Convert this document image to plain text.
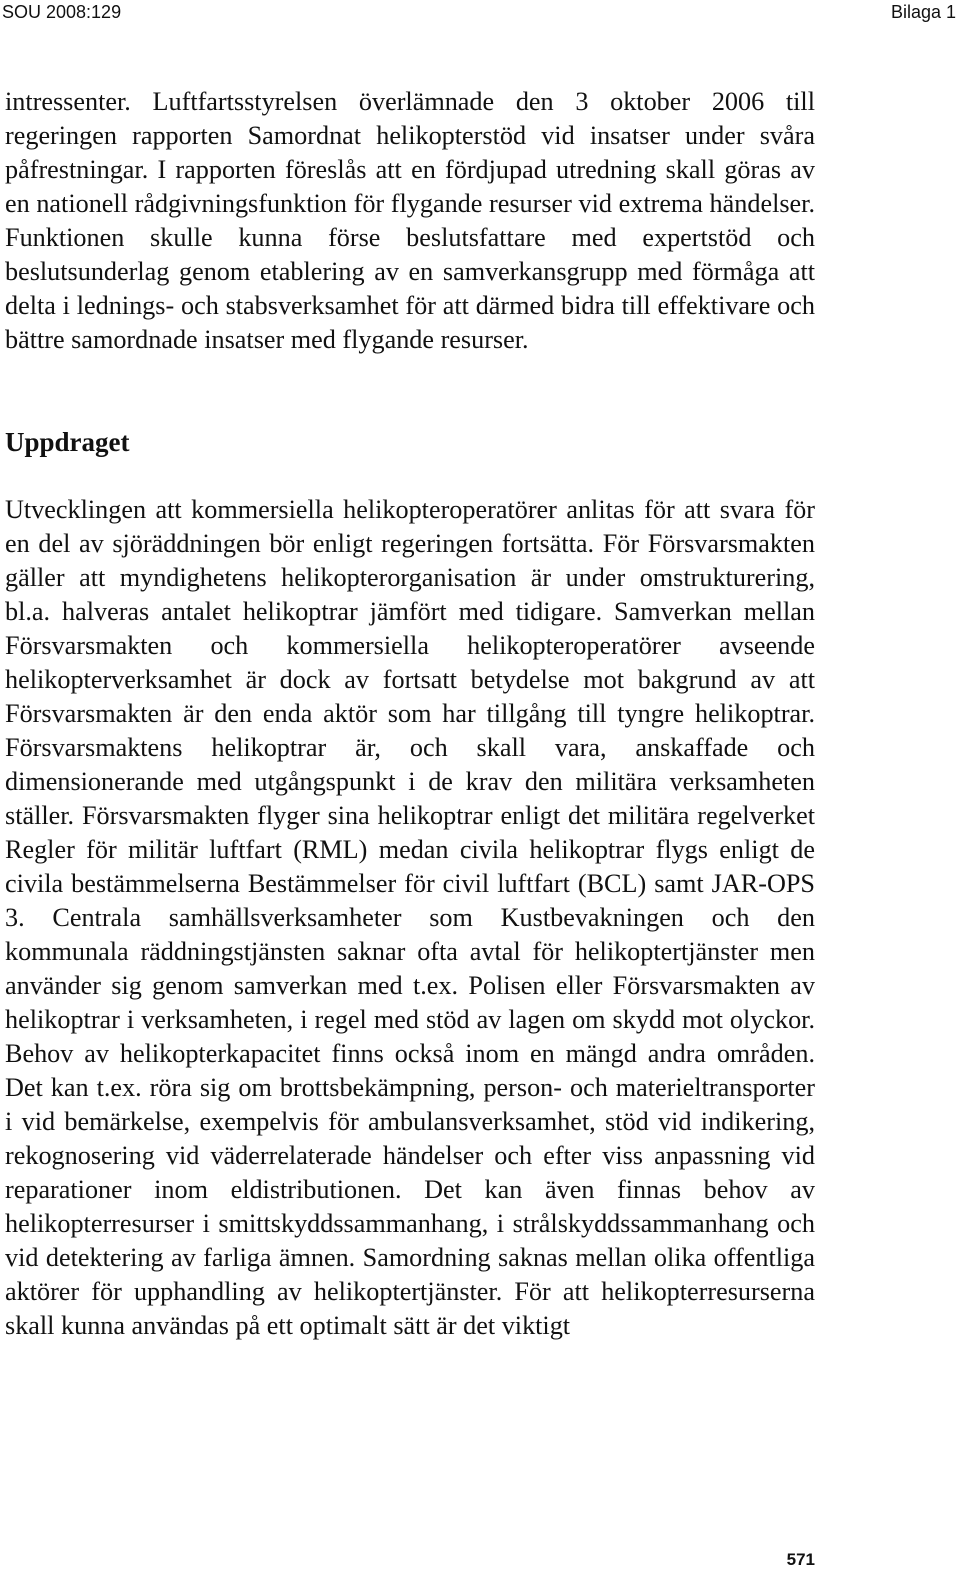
SOU 2008:129	Bilaga 1

intressenter. Luftfartsstyrelsen överlämnade den 3 oktober 2006 till regeringen rapporten Samordnat helikopterstöd vid insatser under svåra påfrestningar. I rapporten föreslås att en fördjupad utredning skall göras av en nationell rådgivningsfunktion för flygande resurser vid extrema händelser. Funktionen skulle kunna förse beslutsfattare med expertstöd och beslutsunderlag genom etablering av en samverkansgrupp med förmåga att delta i lednings- och stabsverksamhet för att därmed bidra till effektivare och bättre samordnade insatser med flygande resurser.

Uppdraget

Utvecklingen att kommersiella helikopteroperatörer anlitas för att svara för en del av sjöräddningen bör enligt regeringen fortsätta. För Försvarsmakten gäller att myndighetens helikopterorganisation är under omstrukturering, bl.a. halveras antalet helikoptrar jämfört med tidigare. Samverkan mellan Försvarsmakten och kommersiella helikopteroperatörer avseende helikopterverksamhet är dock av fortsatt betydelse mot bakgrund av att Försvarsmakten är den enda aktör som har tillgång till tyngre helikoptrar. Försvarsmaktens helikoptrar är, och skall vara, anskaffade och dimensionerande med utgångspunkt i de krav den militära verksamheten ställer. Försvarsmakten flyger sina helikoptrar enligt det militära regelverket Regler för militär luftfart (RML) medan civila helikoptrar flygs enligt de civila bestämmelserna Bestämmelser för civil luftfart (BCL) samt JAR-OPS 3. Centrala samhällsverksamheter som Kustbevakningen och den kommunala räddningstjänsten saknar ofta avtal för helikoptertjänster men använder sig genom samverkan med t.ex. Polisen eller Försvarsmakten av helikoptrar i verksamheten, i regel med stöd av lagen om skydd mot olyckor. Behov av helikopterkapacitet finns också inom en mängd andra områden. Det kan t.ex. röra sig om brottsbekämpning, person- och materieltransporter i vid bemärkelse, exempelvis för ambulansverksamhet, stöd vid indikering, rekognosering vid väderrelaterade händelser och efter viss anpassning vid reparationer inom eldistributionen. Det kan även finnas behov av helikopterresurser i smittskyddssammanhang, i strålskyddssammanhang och vid detektering av farliga ämnen. Samordning saknas mellan olika offentliga aktörer för upphandling av helikoptertjänster. För att helikopterresurserna skall kunna användas på ett optimalt sätt är det viktigt

571
